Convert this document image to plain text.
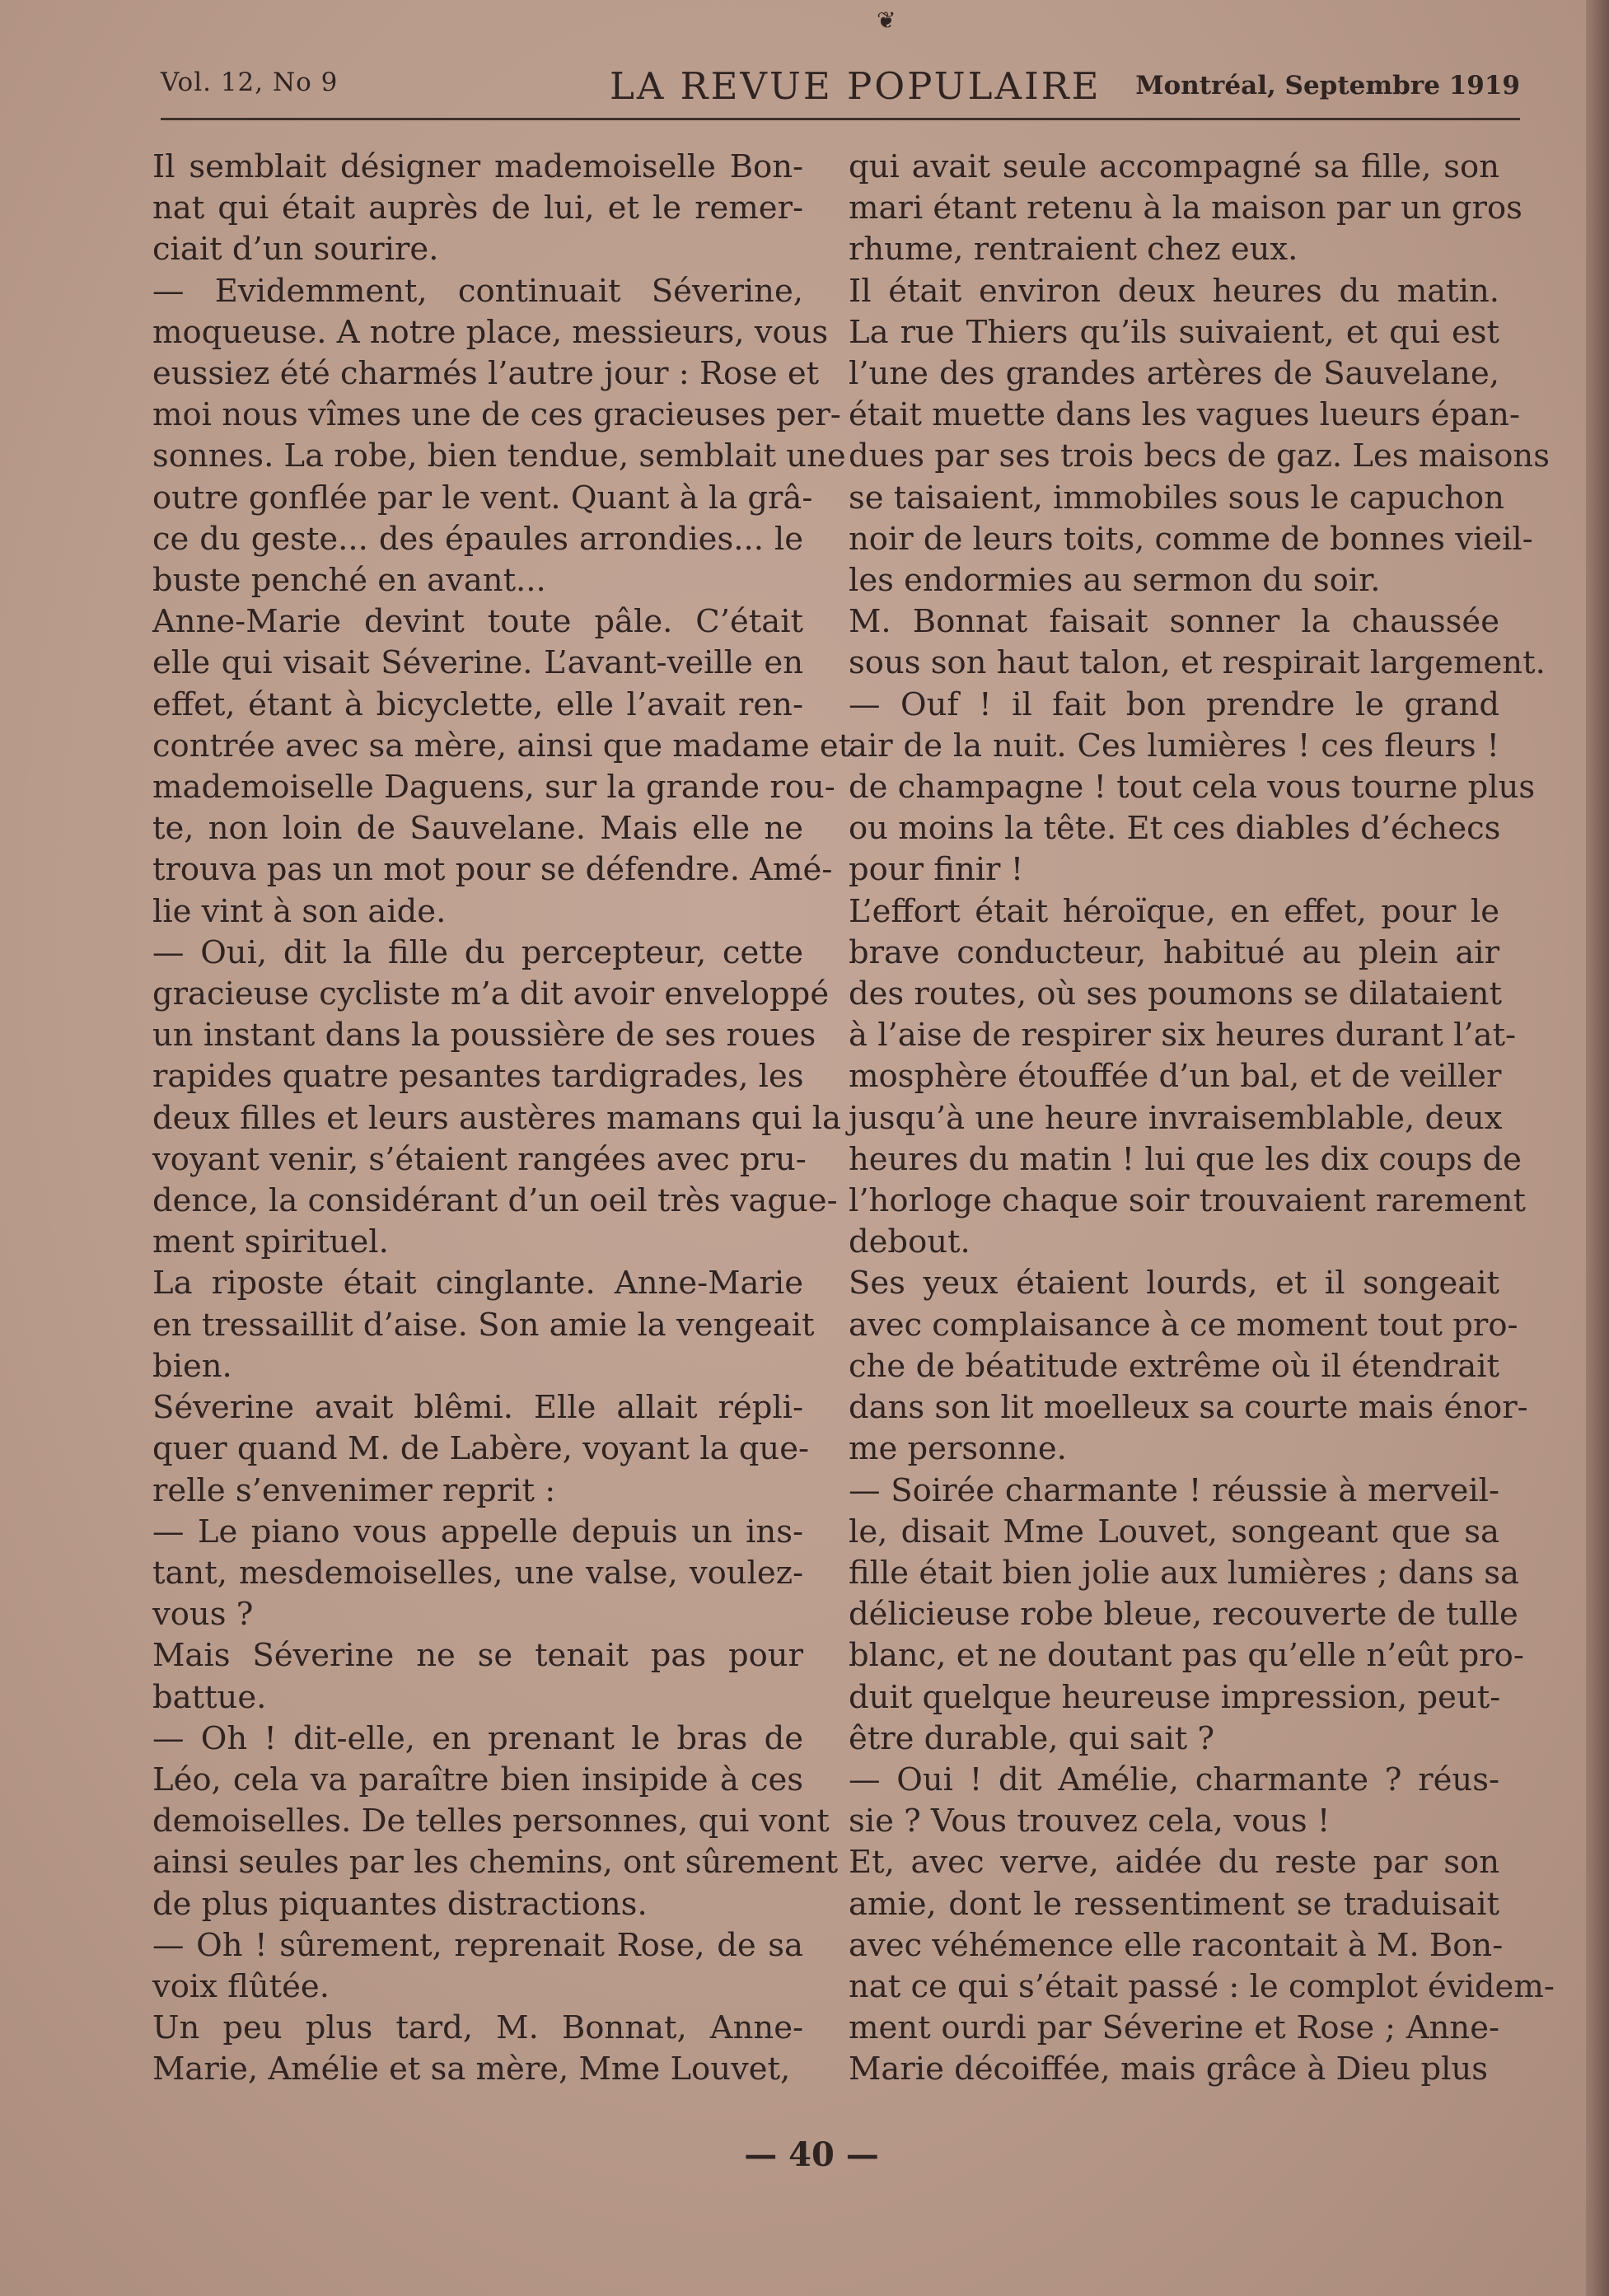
❦
Vol. 12, No 9	LA REVUE POPULAIRE Montréal, Septembre 1919
Il semblait désigner mademoiselle Bon-
nat qui était auprès de lui, et le remer-
ciait d’un sourire.
— Evidemment, continuait Séverine,
moqueuse. A notre place, messieurs, vous
eussiez été charmés l’autre jour : Rose et
moi nous vîmes une de ces gracieuses per-
sonnes. La robe, bien tendue, semblait une
outre gonflée par le vent. Quant à la grâ-
ce du geste... des épaules arrondies... le
buste penché en avant...
Anne-Marie devint toute pâle. C’était
elle qui visait Séverine. L’avant-veille en
effet, étant à bicyclette, elle l’avait ren-
contrée avec sa mère, ainsi que madame et
mademoiselle Daguens, sur la grande rou-
te, non loin de Sauvelane. Mais elle ne
trouva pas un mot pour se défendre. Amé-
lie vint à son aide.
— Oui, dit la fille du percepteur, cette
gracieuse cycliste m’a dit avoir enveloppé
un instant dans la poussière de ses roues
rapides quatre pesantes tardigrades, les
deux filles et leurs austères mamans qui la
voyant venir, s’étaient rangées avec pru-
dence, la considérant d’un oeil très vague-
ment spirituel.
La riposte était cinglante. Anne-Marie
en tressaillit d’aise. Son amie la vengeait
bien.
Séverine avait blêmi. Elle allait répli-
quer quand M. de Labère, voyant la que-
relle s’envenimer reprit :
— Le piano vous appelle depuis un ins-
tant, mesdemoiselles, une valse, voulez-
vous ?
Mais Séverine ne se tenait pas pour
battue.
— Oh ! dit-elle, en prenant le bras de
Léo, cela va paraître bien insipide à ces
demoiselles. De telles personnes, qui vont
ainsi seules par les chemins, ont sûrement
de plus piquantes distractions.
— Oh ! sûrement, reprenait Rose, de sa
voix flûtée.
Un peu plus tard, M. Bonnat, Anne-
Marie, Amélie et sa mère, Mme Louvet,
qui avait seule accompagné sa fille, son
mari étant retenu à la maison par un gros
rhume, rentraient chez eux.
Il était environ deux heures du matin.
La rue Thiers qu’ils suivaient, et qui est
l’une des grandes artères de Sauvelane,
était muette dans les vagues lueurs épan-
dues par ses trois becs de gaz. Les maisons
se taisaient, immobiles sous le capuchon
noir de leurs toits, comme de bonnes vieil-
les endormies au sermon du soir.
M. Bonnat faisait sonner la chaussée
sous son haut talon, et respirait largement.
— Ouf ! il fait bon prendre le grand
air de la nuit. Ces lumières ! ces fleurs !
de champagne ! tout cela vous tourne plus
ou moins la tête. Et ces diables d’échecs
pour finir !
L’effort était héroïque, en effet, pour le
brave conducteur, habitué au plein air
des routes, où ses poumons se dilataient
à l’aise de respirer six heures durant l’at-
mosphère étouffée d’un bal, et de veiller
jusqu’à une heure invraisemblable, deux
heures du matin ! lui que les dix coups de
l’horloge chaque soir trouvaient rarement
debout.
Ses yeux étaient lourds, et il songeait
avec complaisance à ce moment tout pro-
che de béatitude extrême où il étendrait
dans son lit moelleux sa courte mais énor-
me personne.
— Soirée charmante ! réussie à merveil-
le, disait Mme Louvet, songeant que sa
fille était bien jolie aux lumières ; dans sa
délicieuse robe bleue, recouverte de tulle
blanc, et ne doutant pas qu’elle n’eût pro-
duit quelque heureuse impression, peut-
être durable, qui sait ?
— Oui ! dit Amélie, charmante ? réus-
sie ? Vous trouvez cela, vous !
Et, avec verve, aidée du reste par son
amie, dont le ressentiment se traduisait
avec véhémence elle racontait à M. Bon-
nat ce qui s’était passé : le complot évidem-
ment ourdi par Séverine et Rose ; Anne-
Marie décoiffée, mais grâce à Dieu plus
— 40 —
